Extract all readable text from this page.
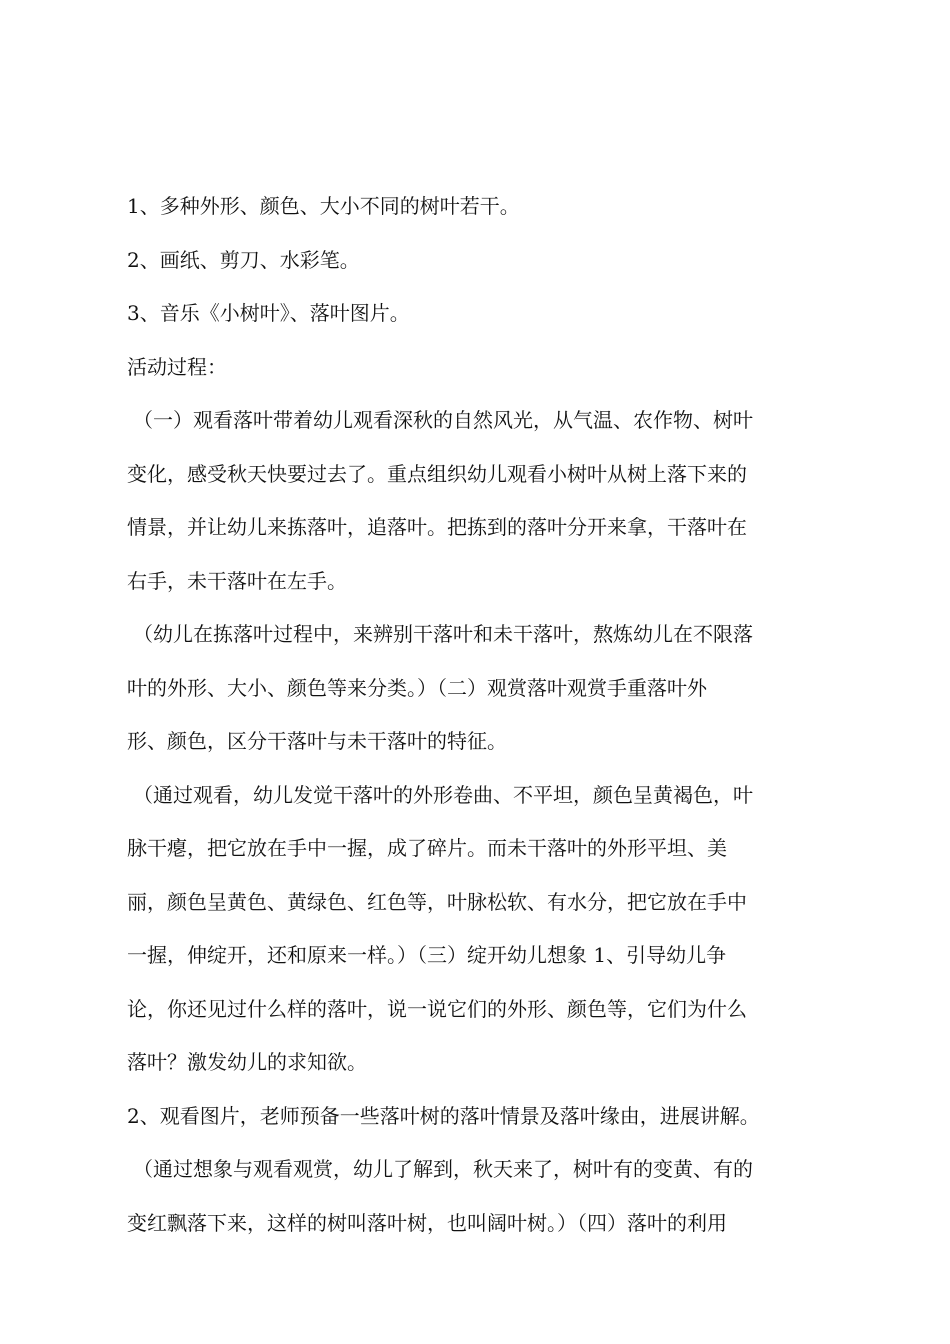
1、多种外形、颜色、大小不同的树叶若干。
2、画纸、剪刀、水彩笔。
3、音乐《小树叶》、落叶图片。
活动过程：
（一）观看落叶带着幼儿观看深秋的自然风光，从气温、农作物、树叶
变化，感受秋天快要过去了。重点组织幼儿观看小树叶从树上落下来的
情景，并让幼儿来拣落叶，追落叶。把拣到的落叶分开来拿，干落叶在
右手，未干落叶在左手。
（幼儿在拣落叶过程中，来辨别干落叶和未干落叶，熬炼幼儿在不限落
叶的外形、大小、颜色等来分类。）（二）观赏落叶观赏手重落叶外
形、颜色，区分干落叶与未干落叶的特征。
（通过观看，幼儿发觉干落叶的外形卷曲、不平坦，颜色呈黄褐色，叶
脉干瘪，把它放在手中一握，成了碎片。而未干落叶的外形平坦、美
丽，颜色呈黄色、黄绿色、红色等，叶脉松软、有水分，把它放在手中
一握，伸绽开，还和原来一样。）（三）绽开幼儿想象 1、引导幼儿争
论，你还见过什么样的落叶，说一说它们的外形、颜色等，它们为什么
落叶？激发幼儿的求知欲。
2、观看图片，老师预备一些落叶树的落叶情景及落叶缘由，进展讲解。
（通过想象与观看观赏，幼儿了解到，秋天来了，树叶有的变黄、有的
变红飘落下来，这样的树叫落叶树，也叫阔叶树。）（四）落叶的利用
